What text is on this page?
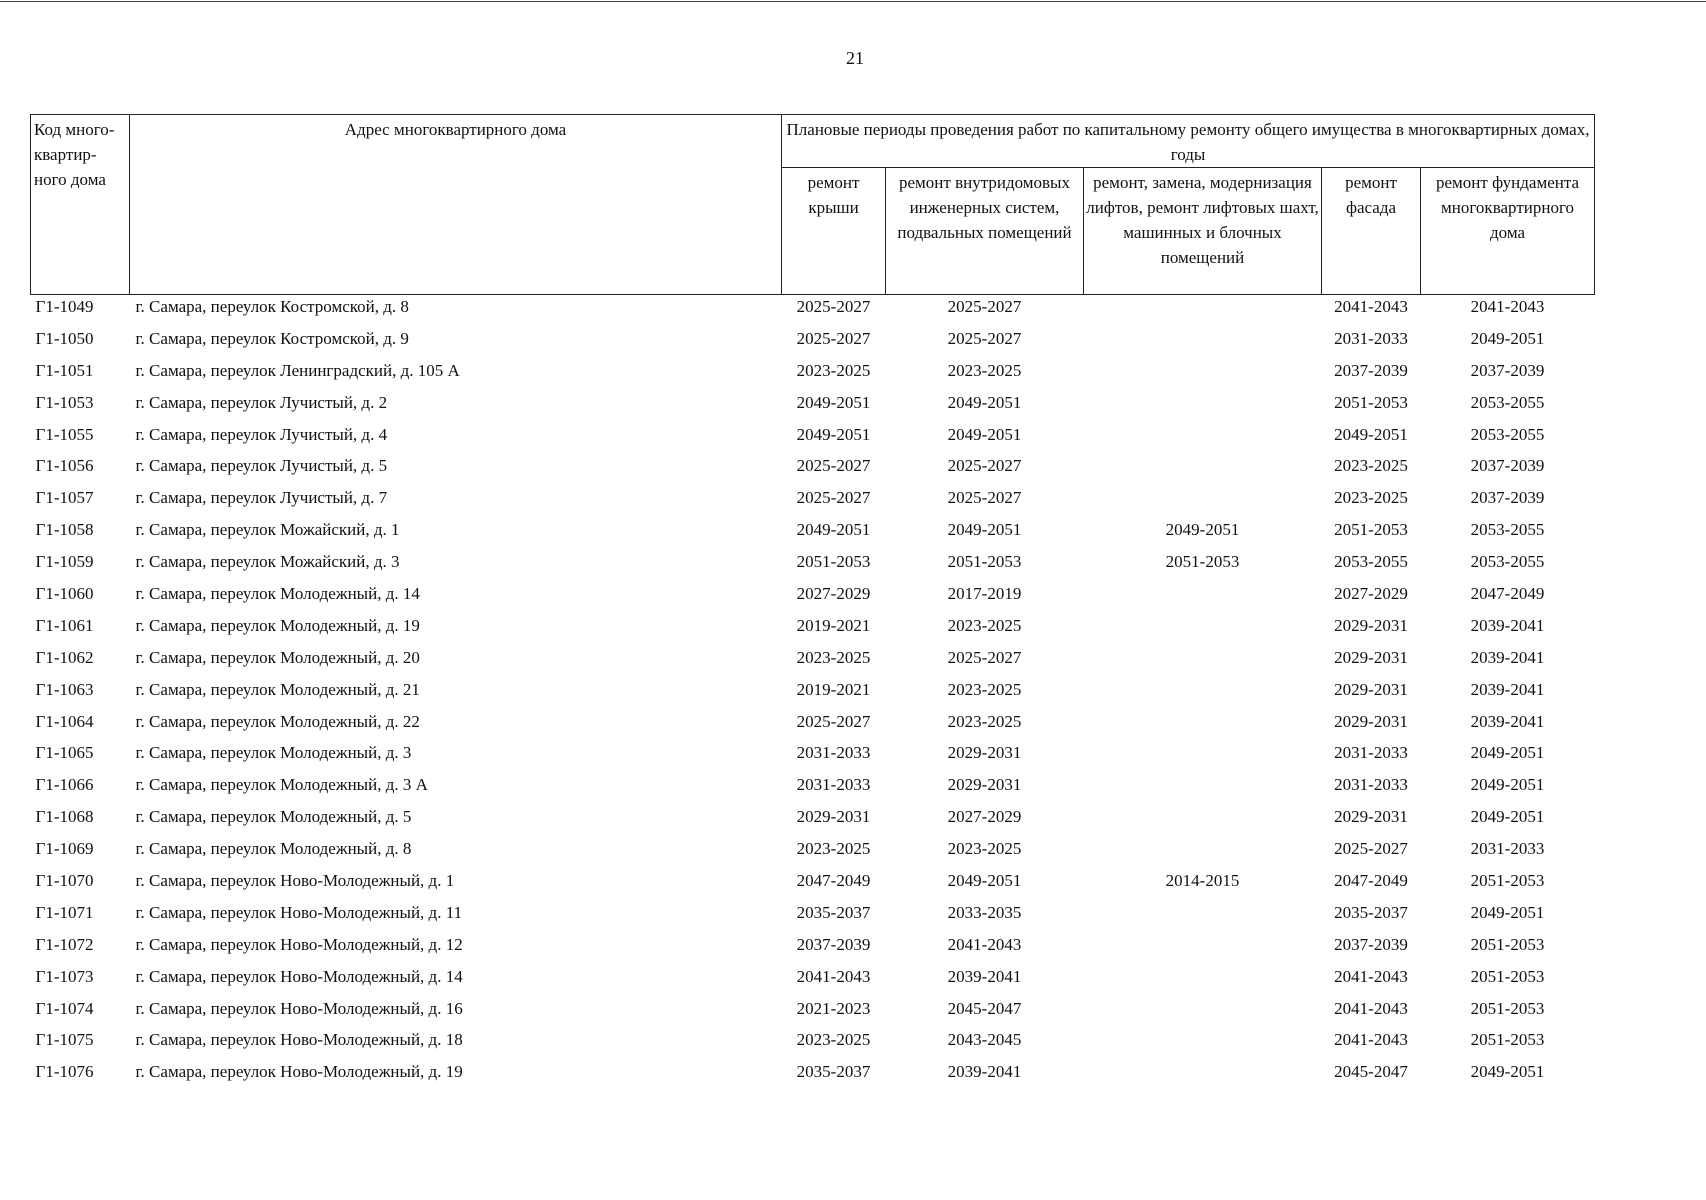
21
Код много-квартир-ного дома	Адрес многоквартирного дома	Плановые периоды проведения работ по капитальному ремонту общего имущества в многоквартирных домах, годы				
		ремонт крыши	ремонт внутридомовых инженерных систем, подвальных помещений	ремонт, замена, модернизация лифтов, ремонт лифтовых шахт, машинных и блочных помещений	ремонт фасада	ремонт фундамента многоквартирного дома
Г1-1049	г. Самара, переулок Костромской, д. 8	2025-2027	2025-2027		2041-2043	2041-2043
Г1-1050	г. Самара, переулок Костромской, д. 9	2025-2027	2025-2027		2031-2033	2049-2051
Г1-1051	г. Самара, переулок Ленинградский, д. 105 А	2023-2025	2023-2025		2037-2039	2037-2039
Г1-1053	г. Самара, переулок Лучистый, д. 2	2049-2051	2049-2051		2051-2053	2053-2055
Г1-1055	г. Самара, переулок Лучистый, д. 4	2049-2051	2049-2051		2049-2051	2053-2055
Г1-1056	г. Самара, переулок Лучистый, д. 5	2025-2027	2025-2027		2023-2025	2037-2039
Г1-1057	г. Самара, переулок Лучистый, д. 7	2025-2027	2025-2027		2023-2025	2037-2039
Г1-1058	г. Самара, переулок Можайский, д. 1	2049-2051	2049-2051	2049-2051	2051-2053	2053-2055
Г1-1059	г. Самара, переулок Можайский, д. 3	2051-2053	2051-2053	2051-2053	2053-2055	2053-2055
Г1-1060	г. Самара, переулок Молодежный, д. 14	2027-2029	2017-2019		2027-2029	2047-2049
Г1-1061	г. Самара, переулок Молодежный, д. 19	2019-2021	2023-2025		2029-2031	2039-2041
Г1-1062	г. Самара, переулок Молодежный, д. 20	2023-2025	2025-2027		2029-2031	2039-2041
Г1-1063	г. Самара, переулок Молодежный, д. 21	2019-2021	2023-2025		2029-2031	2039-2041
Г1-1064	г. Самара, переулок Молодежный, д. 22	2025-2027	2023-2025		2029-2031	2039-2041
Г1-1065	г. Самара, переулок Молодежный, д. 3	2031-2033	2029-2031		2031-2033	2049-2051
Г1-1066	г. Самара, переулок Молодежный, д. 3 А	2031-2033	2029-2031		2031-2033	2049-2051
Г1-1068	г. Самара, переулок Молодежный, д. 5	2029-2031	2027-2029		2029-2031	2049-2051
Г1-1069	г. Самара, переулок Молодежный, д. 8	2023-2025	2023-2025		2025-2027	2031-2033
Г1-1070	г. Самара, переулок Ново-Молодежный, д. 1	2047-2049	2049-2051	2014-2015	2047-2049	2051-2053
Г1-1071	г. Самара, переулок Ново-Молодежный, д. 11	2035-2037	2033-2035		2035-2037	2049-2051
Г1-1072	г. Самара, переулок Ново-Молодежный, д. 12	2037-2039	2041-2043		2037-2039	2051-2053
Г1-1073	г. Самара, переулок Ново-Молодежный, д. 14	2041-2043	2039-2041		2041-2043	2051-2053
Г1-1074	г. Самара, переулок Ново-Молодежный, д. 16	2021-2023	2045-2047		2041-2043	2051-2053
Г1-1075	г. Самара, переулок Ново-Молодежный, д. 18	2023-2025	2043-2045		2041-2043	2051-2053
Г1-1076	г. Самара, переулок Ново-Молодежный, д. 19	2035-2037	2039-2041		2045-2047	2049-2051
